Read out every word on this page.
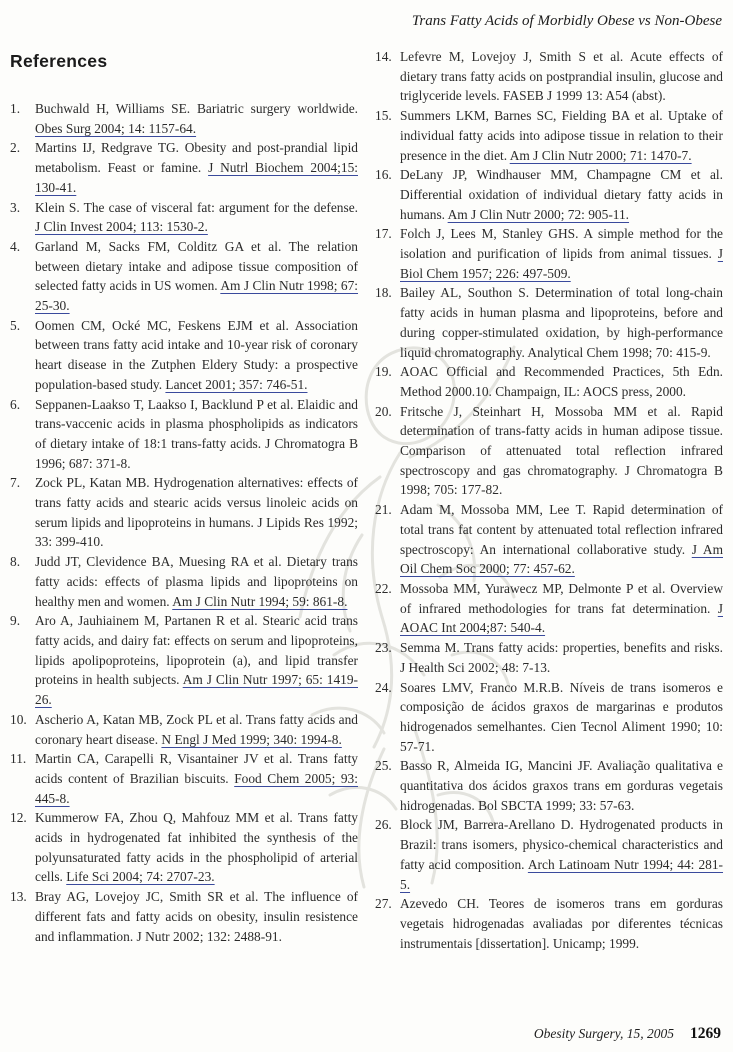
Trans Fatty Acids of Morbidly Obese vs Non-Obese
References
1.	Buchwald H, Williams SE. Bariatric surgery worldwide. Obes Surg 2004; 14: 1157-64.
2.	Martins IJ, Redgrave TG. Obesity and post-prandial lipid metabolism. Feast or famine. J Nutrl Biochem 2004;15: 130-41.
3.	Klein S. The case of visceral fat: argument for the defense. J Clin Invest 2004; 113: 1530-2.
4.	Garland M, Sacks FM, Colditz GA et al. The relation between dietary intake and adipose tissue composition of selected fatty acids in US women. Am J Clin Nutr 1998; 67: 25-30.
5.	Oomen CM, Ocké MC, Feskens EJM et al. Association between trans fatty acid intake and 10-year risk of coronary heart disease in the Zutphen Eldery Study: a prospective population-based study. Lancet 2001; 357: 746-51.
6.	Seppanen-Laakso T, Laakso I, Backlund P et al. Elaidic and trans-vaccenic acids in plasma phospholipids as indicators of dietary intake of 18:1 trans-fatty acids. J Chromatogra B 1996; 687: 371-8.
7.	Zock PL, Katan MB. Hydrogenation alternatives: effects of trans fatty acids and stearic acids versus linoleic acids on serum lipids and lipoproteins in humans. J Lipids Res 1992; 33: 399-410.
8.	Judd JT, Clevidence BA, Muesing RA et al. Dietary trans fatty acids: effects of plasma lipids and lipoproteins on healthy men and women. Am J Clin Nutr 1994; 59: 861-8.
9.	Aro A, Jauhiainem M, Partanen R et al. Stearic acid trans fatty acids, and dairy fat: effects on serum and lipoproteins, lipids apolipoproteins, lipoprotein (a), and lipid transfer proteins in health subjects. Am J Clin Nutr 1997; 65: 1419-26.
10. Ascherio A, Katan MB, Zock PL et al. Trans fatty acids and coronary heart disease. N Engl J Med 1999; 340: 1994-8.
11. Martin CA, Carapelli R, Visantainer JV et al. Trans fatty acids content of Brazilian biscuits. Food Chem 2005; 93: 445-8.
12. Kummerow FA, Zhou Q, Mahfouz MM et al. Trans fatty acids in hydrogenated fat inhibited the synthesis of the polyunsaturated fatty acids in the phospholipid of arterial cells. Life Sci 2004; 74: 2707-23.
13. Bray AG, Lovejoy JC, Smith SR et al. The influence of different fats and fatty acids on obesity, insulin resistence and inflammation. J Nutr 2002; 132: 2488-91.
14. Lefevre M, Lovejoy J, Smith S et al. Acute effects of dietary trans fatty acids on postprandial insulin, glucose and triglyceride levels. FASEB J 1999 13: A54 (abst).
15. Summers LKM, Barnes SC, Fielding BA et al. Uptake of individual fatty acids into adipose tissue in relation to their presence in the diet. Am J Clin Nutr 2000; 71: 1470-7.
16. DeLany JP, Windhauser MM, Champagne CM et al. Differential oxidation of individual dietary fatty acids in humans. Am J Clin Nutr 2000; 72: 905-11.
17. Folch J, Lees M, Stanley GHS. A simple method for the isolation and purification of lipids from animal tissues. J Biol Chem 1957; 226: 497-509.
18. Bailey AL, Southon S. Determination of total long-chain fatty acids in human plasma and lipoproteins, before and during copper-stimulated oxidation, by high-performance liquid chromatography. Analytical Chem 1998; 70: 415-9.
19. AOAC Official and Recommended Practices, 5th Edn. Method 2000.10. Champaign, IL: AOCS press, 2000.
20. Fritsche J, Steinhart H, Mossoba MM et al. Rapid determination of trans-fatty acids in human adipose tissue. Comparison of attenuated total reflection infrared spectroscopy and gas chromatography. J Chromatogra B 1998; 705: 177-82.
21. Adam M, Mossoba MM, Lee T. Rapid determination of total trans fat content by attenuated total reflection infrared spectroscopy: An international collaborative study. J Am Oil Chem Soc 2000; 77: 457-62.
22. Mossoba MM, Yurawecz MP, Delmonte P et al. Overview of infrared methodologies for trans fat determination. J AOAC Int 2004;87: 540-4.
23. Semma M. Trans fatty acids: properties, benefits and risks. J Health Sci 2002; 48: 7-13.
24. Soares LMV, Franco M.R.B. Níveis de trans isomeros e composição de ácidos graxos de margarinas e produtos hidrogenados semelhantes. Cien Tecnol Aliment 1990; 10: 57-71.
25. Basso R, Almeida IG, Mancini JF. Avaliação qualitativa e quantitativa dos ácidos graxos trans em gorduras vegetais hidrogenadas. Bol SBCTA 1999; 33: 57-63.
26. Block JM, Barrera-Arellano D. Hydrogenated products in Brazil: trans isomers, physico-chemical characteristics and fatty acid composition. Arch Latinoam Nutr 1994; 44: 281-5.
27. Azevedo CH. Teores de isomeros trans em gorduras vegetais hidrogenadas avaliadas por diferentes técnicas instrumentais [dissertation]. Unicamp; 1999.
Obesity Surgery, 15, 2005 1269
